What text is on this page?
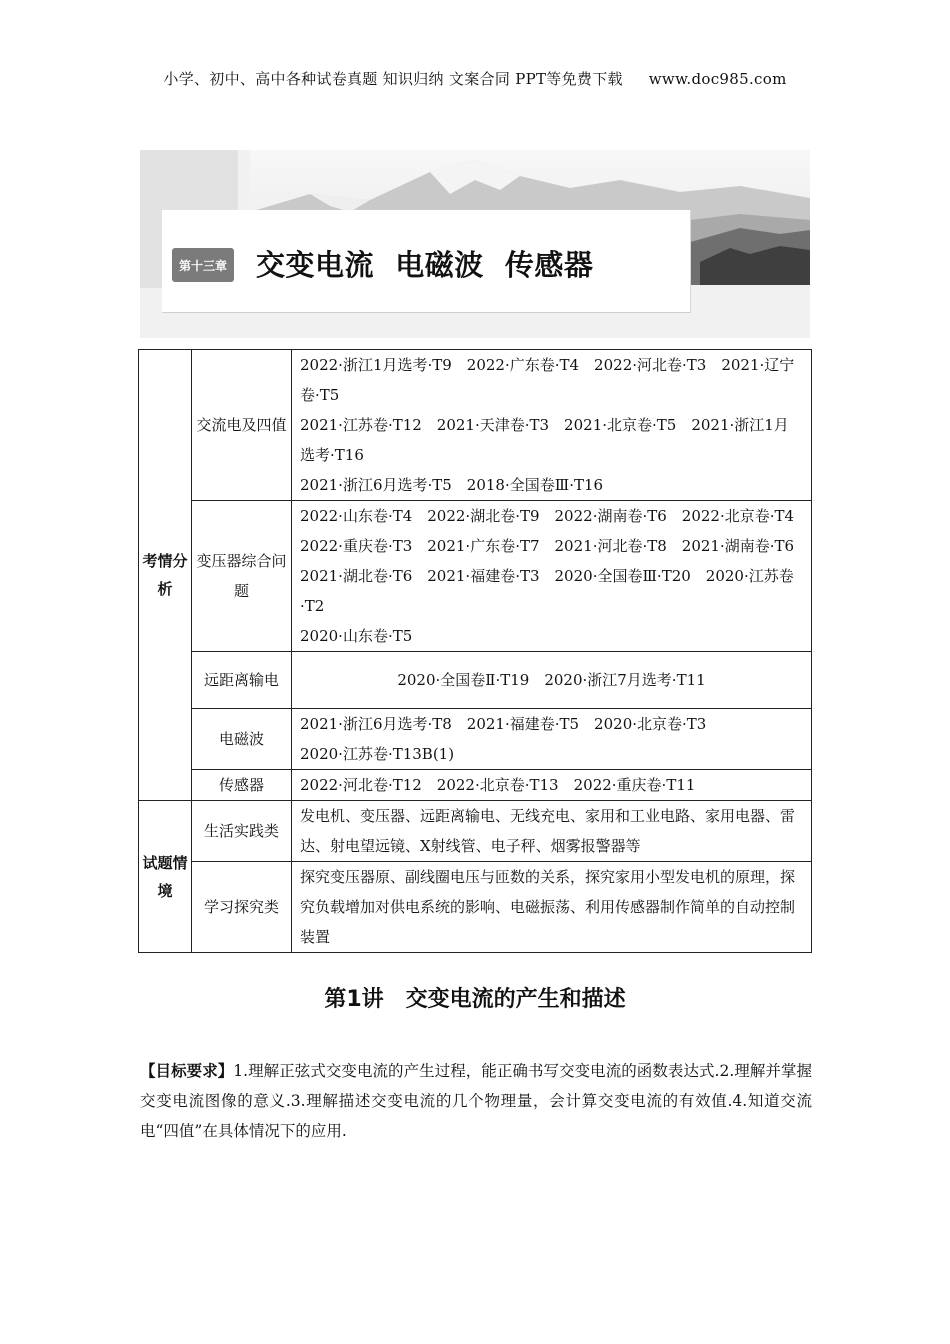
小学、初中、高中各种试卷真题 知识归纳 文案合同 PPT等免费下载 www.doc985.com
第十三章 交变电流  电磁波  传感器
考情分析	交流电及四值	2022·浙江1月选考·T9　2022·广东卷·T4　2022·河北卷·T3　2021·辽宁卷·T5
2021·江苏卷·T12　2021·天津卷·T3　2021·北京卷·T5　2021·浙江1月选考·T16
2021·浙江6月选考·T5　2018·全国卷Ⅲ·T16

	变压器综合问题	2022·山东卷·T4　2022·湖北卷·T9　2022·湖南卷·T6　2022·北京卷·T4
2022·重庆卷·T3　2021·广东卷·T7　2021·河北卷·T8　2021·湖南卷·T6
2021·湖北卷·T6　2021·福建卷·T3　2020·全国卷Ⅲ·T20　2020·江苏卷·T2
2020·山东卷·T5

	远距离输电	2020·全国卷Ⅱ·T19　2020·浙江7月选考·T11

	电磁波	2021·浙江6月选考·T8　2021·福建卷·T5　2020·北京卷·T3
2020·江苏卷·T13B(1)

	传感器	2022·河北卷·T12　2022·北京卷·T13　2022·重庆卷·T11

试题情境	生活实践类	发电机、变压器、远距离输电、无线充电、家用和工业电路、家用电器、雷达、射电望远镜、X射线管、电子秤、烟雾报警器等

	学习探究类	探究变压器原、副线圈电压与匝数的关系，探究家用小型发电机的原理，探究负载增加对供电系统的影响、电磁振荡、利用传感器制作简单的自动控制装置
第1讲　交变电流的产生和描述
【目标要求】1.理解正弦式交变电流的产生过程，能正确书写交变电流的函数表达式.2.理解并掌握交变电流图像的意义.3.理解描述交变电流的几个物理量，会计算交变电流的有效值.4.知道交流电“四值”在具体情况下的应用.
